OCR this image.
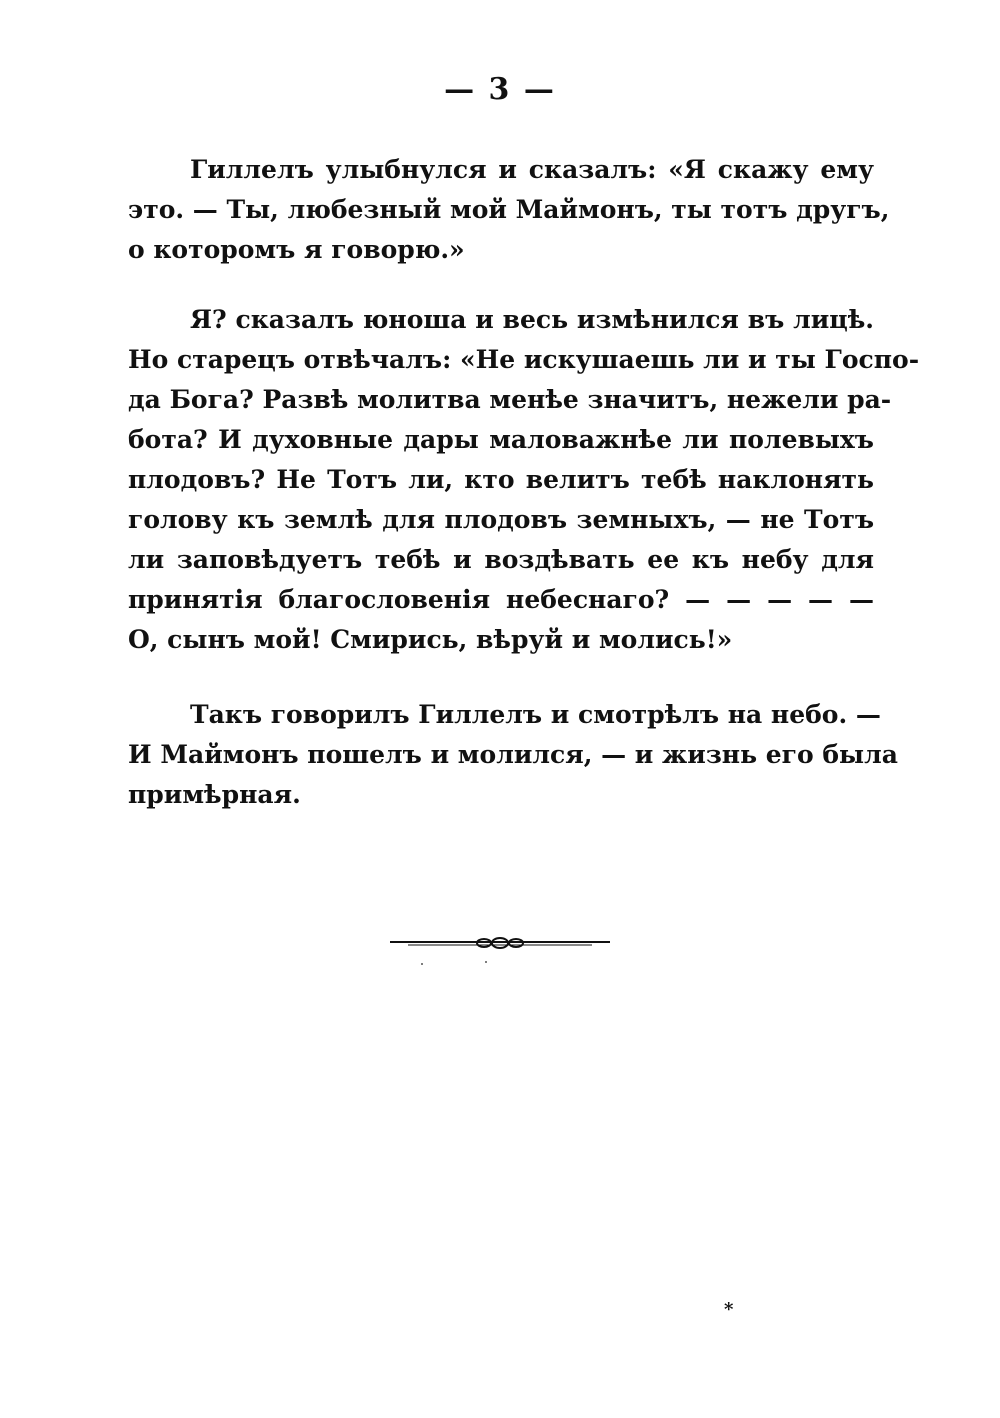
— 3 —
Гиллелъ улыбнулся и сказалъ: «Я скажу ему
это. — Ты, любезный мой Маймонъ, ты тотъ другъ,
о которомъ я говорю.»
Я? сказалъ юноша и весь измѣнился въ лицѣ.
Но старецъ отвѣчалъ: «Не искушаешь ли и ты Госпо-
да Бога? Развѣ молитва менѣе значитъ, нежели ра-
бота? И духовные дары маловажнѣе ли полевыхъ
плодовъ? Не Тотъ ли, кто велитъ тебѣ наклонять
голову къ землѣ для плодовъ земныхъ, — не Тотъ
ли заповѣдуетъ тебѣ и воздѣвать ее къ небу для
принятія благословенія небеснаго? — — — — —
О, сынъ мой! Смирись, вѣруй и молись!»
Такъ говорилъ Гиллелъ и смотрѣлъ на небо. —
И Маймонъ пошелъ и молился, — и жизнь его была
примѣрная.
*
